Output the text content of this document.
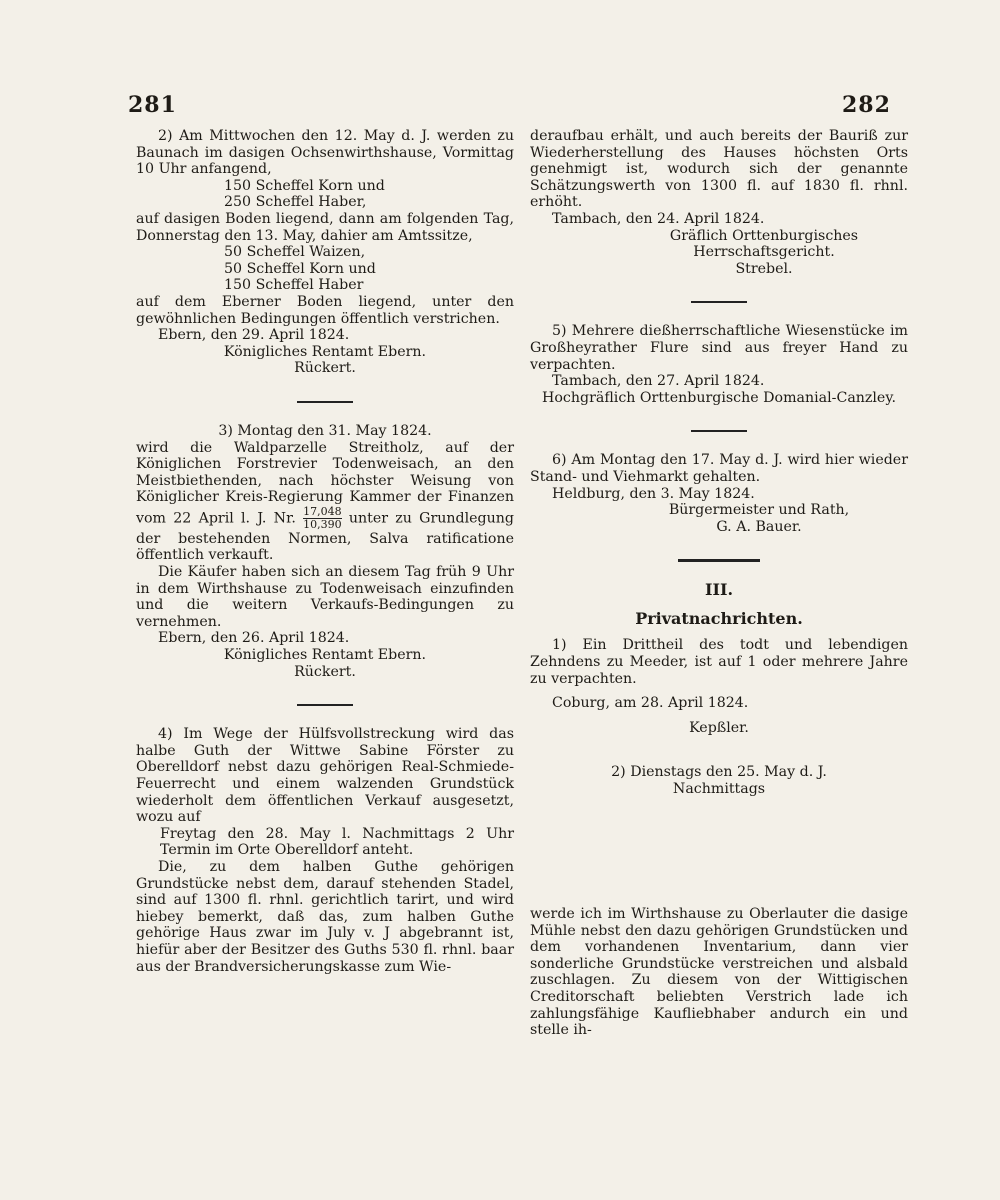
281	282

2) Am Mittwochen den 12. May d. J. werden zu Baunach im dasigen Ochsenwirthshause, Vormittag 10 Uhr anfangend,

150 Scheffel Korn und
250 Scheffel Haber,

auf dasigen Boden liegend, dann am folgenden Tag, Donnerstag den 13. May, dahier am Amtssitze,

50 Scheffel Waizen,
50 Scheffel Korn und
150 Scheffel Haber

auf dem Eberner Boden liegend, unter den gewöhnlichen Bedingungen öffentlich verstrichen.

Ebern, den 29. April 1824.

Königliches Rentamt Ebern.
Rückert.
3) Montag den 31. May 1824.

wird die Waldparzelle Streitholz, auf der Königlichen Forstrevier Todenweisach, an den Meistbiethenden, nach höchster Weisung von Königlicher Kreis-Regierung Kammer der Finanzen vom 22 April l. J. Nr. $\frac{17,048}{10,390}$ unter zu Grundlegung der bestehenden Normen, Salva ratificatione öffentlich verkauft.

Die Käufer haben sich an diesem Tag früh 9 Uhr in dem Wirthshause zu Todenweisach einzufinden und die weitern Verkaufs-Bedingungen zu vernehmen.

Ebern, den 26. April 1824.

Königliches Rentamt Ebern.
Rückert.

4) Im Wege der Hülfsvollstreckung wird das halbe Guth der Wittwe Sabine Förster zu Oberelldorf nebst dazu gehörigen Real-Schmiede-Feuerrecht und einem walzenden Grundstück wiederholt dem öffentlichen Verkauf ausgesetzt, wozu auf

Freytag den 28. May l. Nachmittags 2 Uhr Termin im Orte Oberelldorf anteht.

Die, zu dem halben Guthe gehörigen Grundstücke nebst dem, darauf stehenden Stadel, sind auf 1300 fl. rhnl. gerichtlich tarirt, und wird hiebey bemerkt, daß das, zum halben Guthe gehörige Haus zwar im July v. J abgebrannt ist, hiefür aber der Besitzer des Guths 530 fl. rhnl. baar aus der Brandversicherungskasse zum Wie-

deraufbau erhält, und auch bereits der Bauriß zur Wiederherstellung des Hauses höchsten Orts genehmigt ist, wodurch sich der genannte Schätzungswerth von 1300 fl. auf 1830 fl. rhnl. erhöht.

Tambach, den 24. April 1824.

Gräflich Orttenburgisches Herrschaftsgericht.
Strebel.

5) Mehrere dießherrschaftliche Wiesenstücke im Großheyrather Flure sind aus freyer Hand zu verpachten.

Tambach, den 27. April 1824.

Hochgräflich Orttenburgische Domanial-Canzley.

6) Am Montag den 17. May d. J. wird hier wieder Stand- und Viehmarkt gehalten.

Heldburg, den 3. May 1824.

Bürgermeister und Rath,
G. A. Bauer.
III.
Privatnachrichten.

1) Ein Drittheil des todt und lebendigen Zehndens zu Meeder, ist auf 1 oder mehrere Jahre zu verpachten.

Coburg, am 28. April 1824.

Kepßler.
2) Dienstags den 25. May d. J.
Nachmittags

werde ich im Wirthshause zu Oberlauter die dasige Mühle nebst den dazu gehörigen Grundstücken und dem vorhandenen Inventarium, dann vier sonderliche Grundstücke verstreichen und alsbald zuschlagen. Zu diesem von der Wittigischen Creditorschaft beliebten Verstrich lade ich zahlungsfähige Kaufliebhaber andurch ein und stelle ih-
